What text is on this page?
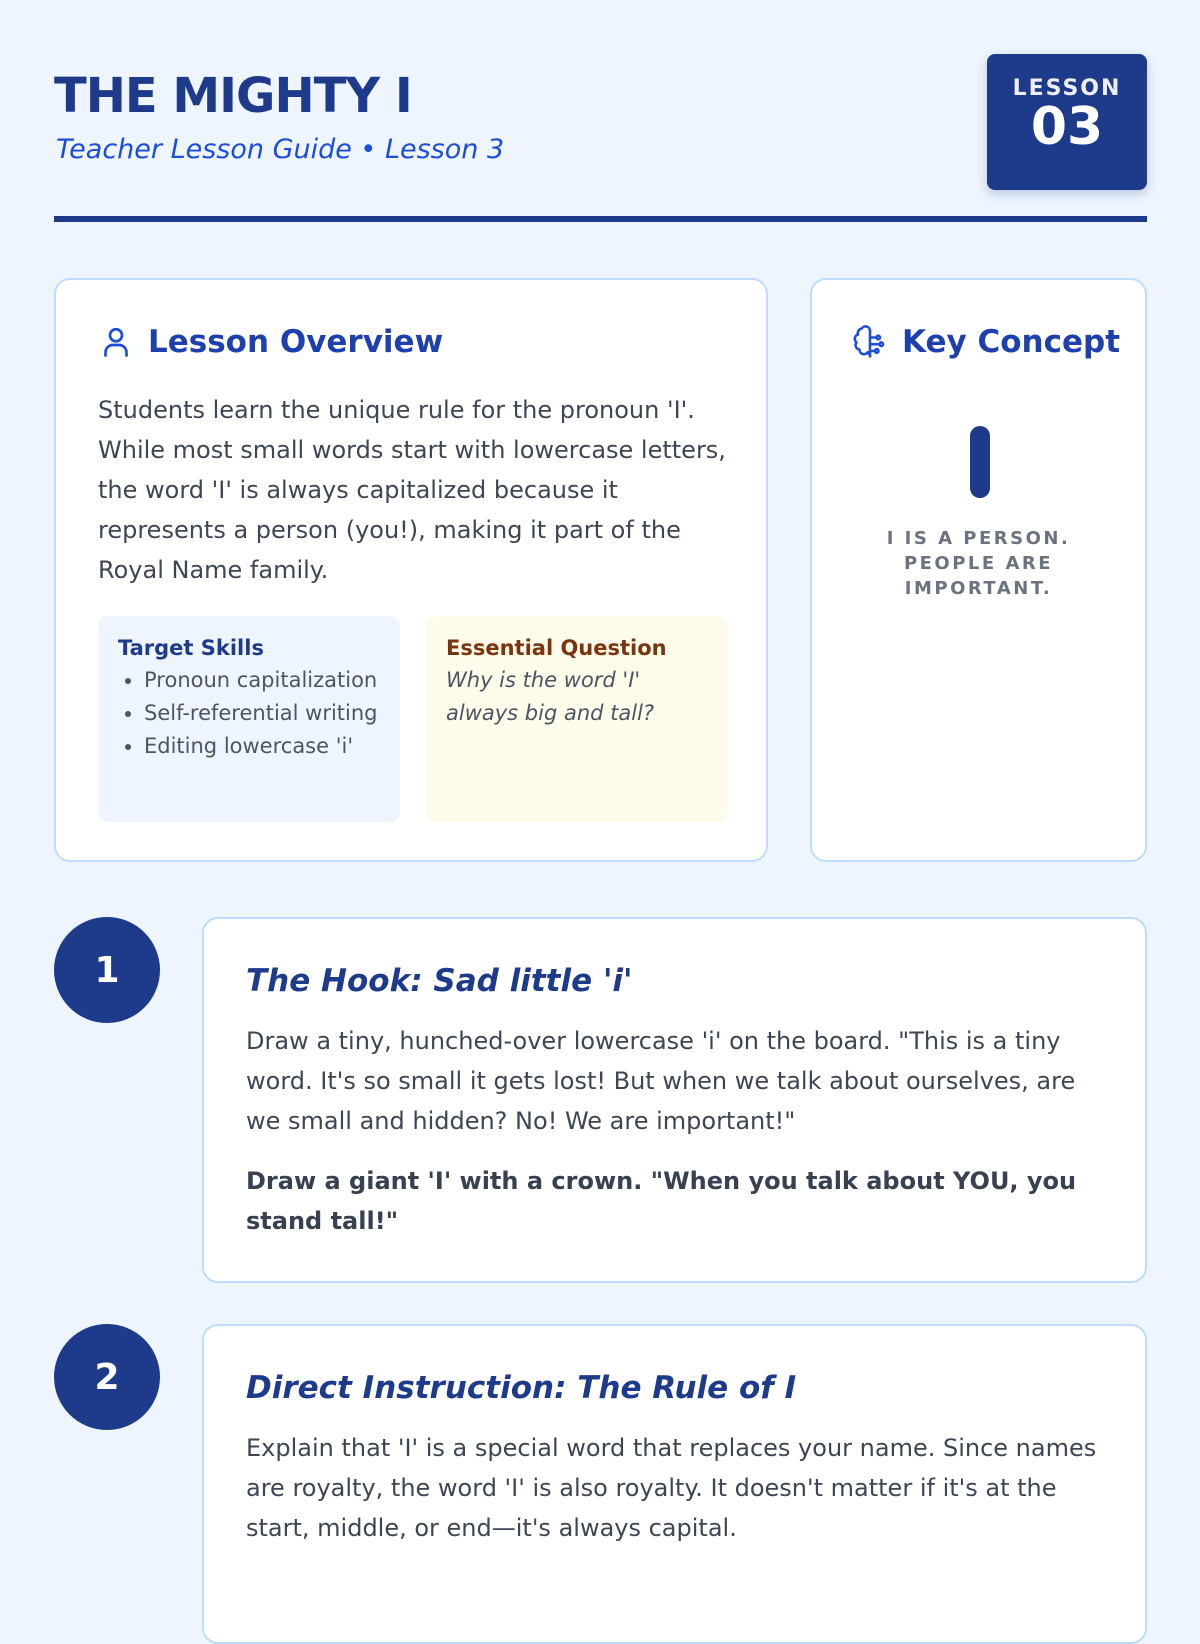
THE MIGHTY I
Teacher Lesson Guide • Lesson 3
LESSON
03
Lesson Overview

Students learn the unique rule for the pronoun 'I'. While most small words start with lowercase letters, the word 'I' is always capitalized because it represents a person (you!), making it part of the Royal Name family.

Target Skills
• Pronoun capitalization
• Self-referential writing
• Editing lowercase 'i'
Essential Question

Why is the word 'I' always big and tall?

Key Concept
I IS A PERSON.
PEOPLE ARE
IMPORTANT.
1	The Hook: Sad little 'i'

Draw a tiny, hunched-over lowercase 'i' on the board. "This is a tiny word. It's so small it gets lost! But when we talk about ourselves, are we small and hidden? No! We are important!"

Draw a giant 'I' with a crown. "When you talk about YOU, you stand tall!"

2	Direct Instruction: The Rule of I

Explain that 'I' is a special word that replaces your name. Since names are royalty, the word 'I' is also royalty. It doesn't matter if it's at the start, middle, or end—it's always capital.
